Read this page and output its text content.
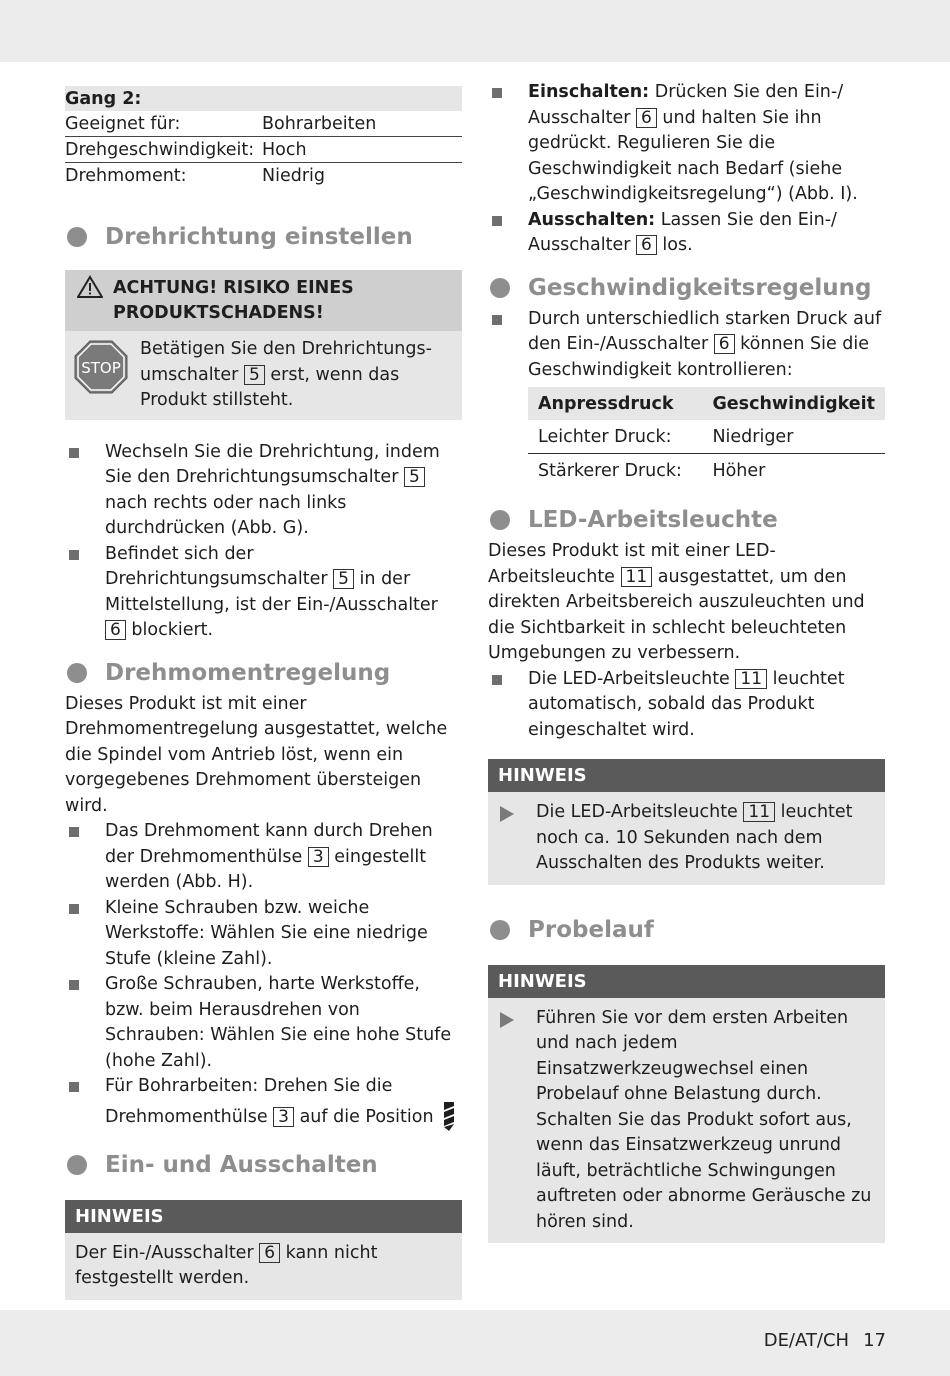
Gang 2:	
Geeignet für:	Bohrarbeiten
Drehgeschwindigkeit:	Hoch
Drehmoment:	Niedrig
Drehrichtung einstellen
ACHTUNG! RISIKO EINES PRODUKTSCHADENS!
STOP
Betätigen Sie den Drehrichtungs-umschalter 5 erst, wenn das Produkt stillsteht.
Wechseln Sie die Drehrichtung, indem Sie den Drehrichtungsumschalter 5 nach rechts oder nach links durchdrücken (Abb. G).
Befindet sich der Drehrichtungsumschalter 5 in der Mittelstellung, ist der Ein-/Ausschalter 6 blockiert.
Drehmomentregelung
Dieses Produkt ist mit einer Drehmomentregelung ausgestattet, welche die Spindel vom Antrieb löst, wenn ein vorgegebenes Drehmoment übersteigen wird.
Das Drehmoment kann durch Drehen der Drehmomenthülse 3 eingestellt werden (Abb. H).
Kleine Schrauben bzw. weiche Werkstoffe: Wählen Sie eine niedrige Stufe (kleine Zahl).
Große Schrauben, harte Werkstoffe, bzw. beim Herausdrehen von Schrauben: Wählen Sie eine hohe Stufe (hohe Zahl).
Für Bohrarbeiten: Drehen Sie die Drehmomenthülse 3 auf die Position
Ein- und Ausschalten
HINWEIS
Der Ein-/Ausschalter 6 kann nicht festgestellt werden.
Einschalten: Drücken Sie den Ein-/ Ausschalter 6 und halten Sie ihn gedrückt. Regulieren Sie die Geschwindigkeit nach Bedarf (siehe „Geschwindigkeitsregelung“) (Abb. I).
Ausschalten: Lassen Sie den Ein-/ Ausschalter 6 los.
Geschwindigkeitsregelung
Durch unterschiedlich starken Druck auf den Ein-/Ausschalter 6 können Sie die Geschwindigkeit kontrollieren:
Anpressdruck	Geschwindigkeit
Leichter Druck:	Niedriger
Stärkerer Druck:	Höher
LED-Arbeitsleuchte
Dieses Produkt ist mit einer LED-Arbeitsleuchte 11 ausgestattet, um den direkten Arbeitsbereich auszuleuchten und die Sichtbarkeit in schlecht beleuchteten Umgebungen zu verbessern.
Die LED-Arbeitsleuchte 11 leuchtet automatisch, sobald das Produkt eingeschaltet wird.
HINWEIS
Die LED-Arbeitsleuchte 11 leuchtet noch ca. 10 Sekunden nach dem Ausschalten des Produkts weiter.
Probelauf
HINWEIS
Führen Sie vor dem ersten Arbeiten und nach jedem Einsatzwerkzeugwechsel einen Probelauf ohne Belastung durch. Schalten Sie das Produkt sofort aus, wenn das Einsatzwerkzeug unrund läuft, beträchtliche Schwingungen auftreten oder abnorme Geräusche zu hören sind.
DE/AT/CH 17
